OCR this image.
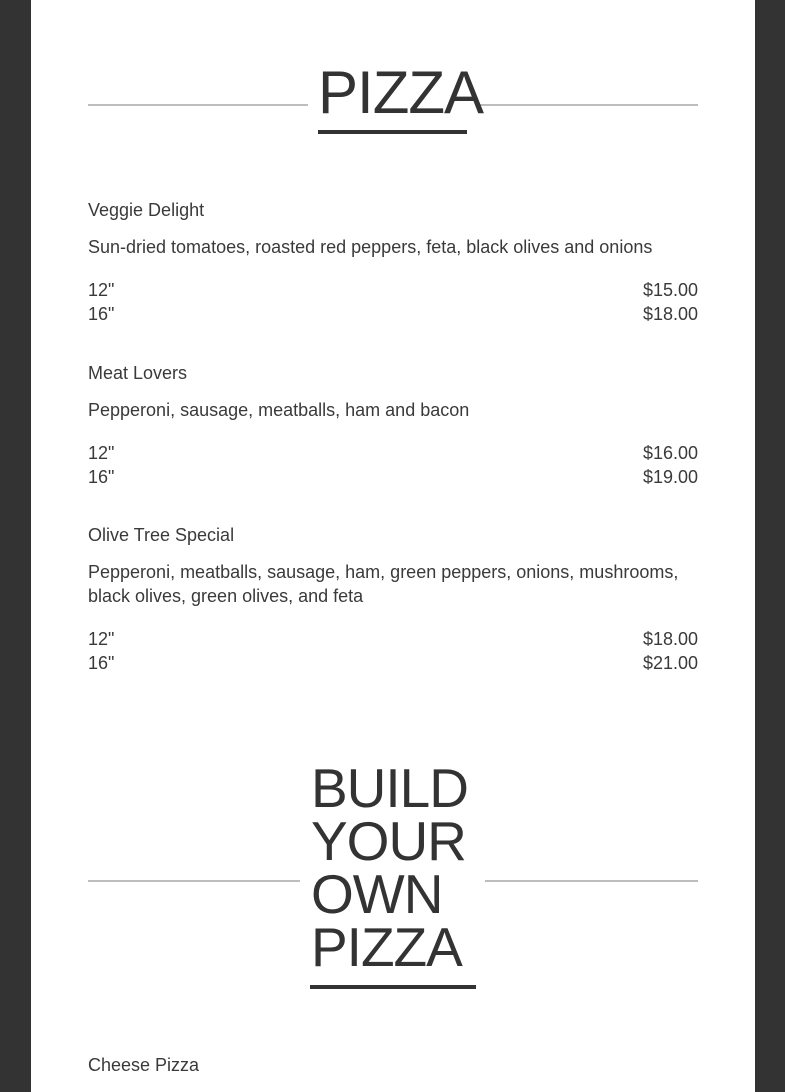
PIZZA
Veggie Delight
Sun-dried tomatoes, roasted red peppers, feta, black olives and onions
12"	$15.00
16"	$18.00
Meat Lovers
Pepperoni, sausage, meatballs, ham and bacon
12"	$16.00
16"	$19.00
Olive Tree Special
Pepperoni, meatballs, sausage, ham, green peppers, onions, mushrooms, black olives, green olives, and feta
12"	$18.00
16"	$21.00
BUILD
YOUR
OWN
PIZZA
Cheese Pizza
